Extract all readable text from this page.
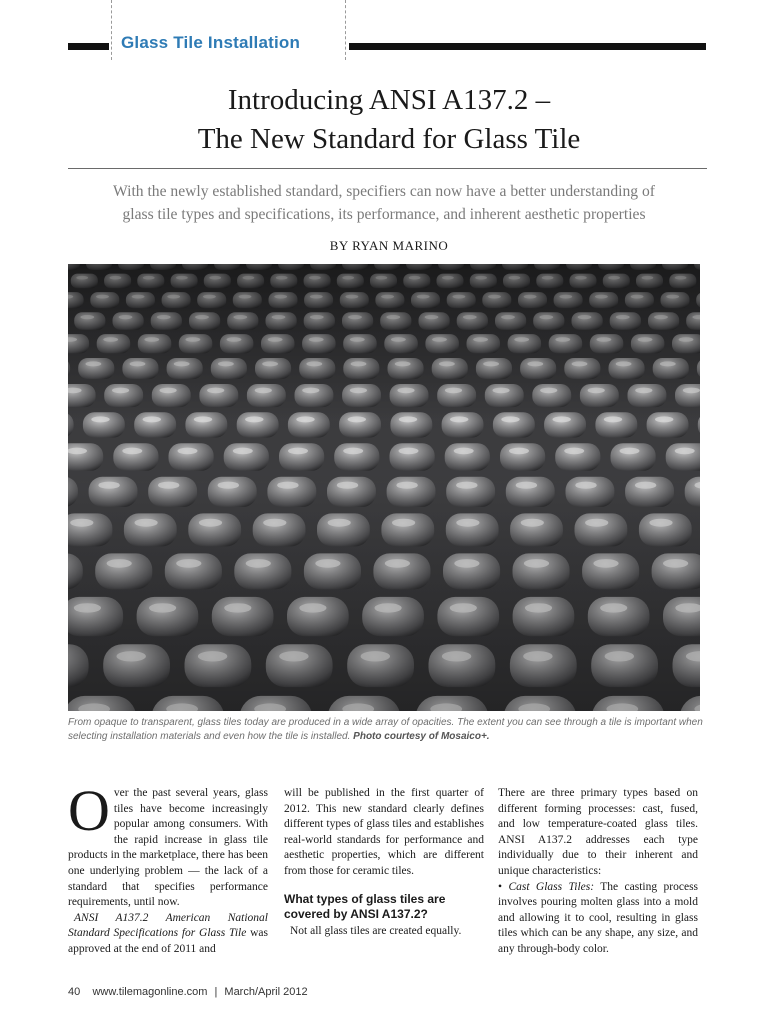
Glass Tile Installation
Introducing ANSI A137.2 –
The New Standard for Glass Tile
With the newly established standard, specifiers can now have a better understanding of
glass tile types and specifications, its performance, and inherent aesthetic properties
BY RYAN MARINO
From opaque to transparent, glass tiles today are produced in a wide array of opacities. The extent you can see through a tile is important when selecting installation materials and even how the tile is installed. Photo courtesy of Mosaico+.

Over the past several years, glass tiles have become increasingly popular among consumers. With the rapid increase in glass tile products in the marketplace, there has been one underlying problem — the lack of a standard that specifies performance requirements, until now.

ANSI A137.2 American National Standard Specifications for Glass Tile was approved at the end of 2011 and

will be published in the first quarter of 2012. This new standard clearly defines different types of glass tiles and establishes real-world standards for performance and aesthetic properties, which are different from those for ceramic tiles.

What types of glass tiles are covered by ANSI A137.2?

Not all glass tiles are created equally.

There are three primary types based on different forming processes: cast, fused, and low temperature-coated glass tiles. ANSI A137.2 addresses each type individually due to their inherent and unique characteristics:

• Cast Glass Tiles: The casting process involves pouring molten glass into a mold and allowing it to cool, resulting in glass tiles which can be any shape, any size, and any through-body color.

40 www.tilemagonline.com | March/April 2012
